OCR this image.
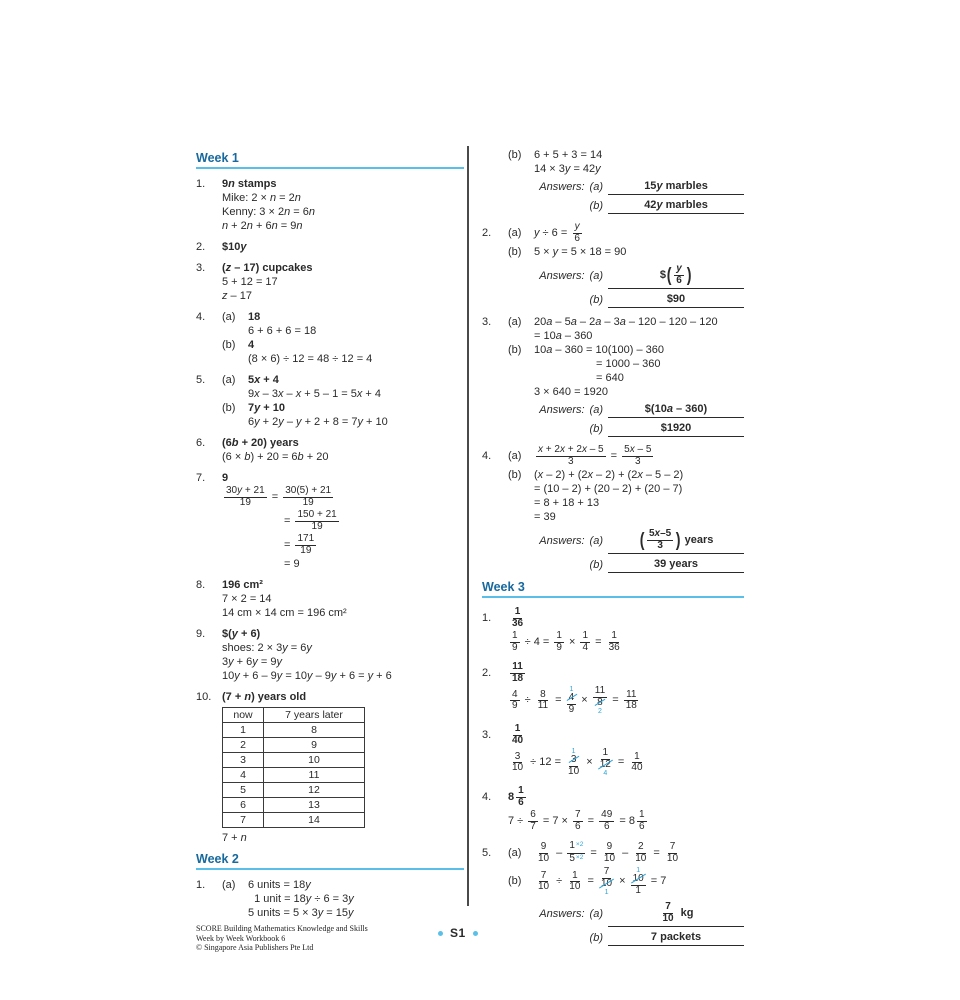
Week 1
1.	9n stamps
Mike: 2 × n = 2n
Kenny: 3 × 2n = 6n
n + 2n + 6n = 9n
2.	$10y
3.	(z – 17) cupcakes
5 + 12 = 17
z – 17
4.	(a)	18
6 + 6 + 6 = 18
(b)	4
(8 × 6) ÷ 12 = 48 ÷ 12 = 4
5.	(a)	5x + 4
9x – 3x – x + 5 – 1 = 5x + 4
(b)	7y + 10
6y + 2y – y + 2 + 8 = 7y + 10
6.	(6b + 20) years
(6 × b) + 20 = 6b + 20
7.	9
$\frac{30y + 21}{19} = \frac{30(5) + 21}{19}$
= $\frac{150 + 21}{19}$
= $\frac{171}{19}$
= 9
8.	196 cm²
7 × 2 = 14
14 cm × 14 cm = 196 cm²
9.	$(y + 6)
shoes: 2 × 3y = 6y
3y + 6y = 9y
10y + 6 – 9y = 10y – 9y + 6 = y + 6
10. (7 + n) years old
now	7 years later
1	8
2	9
3	10
4	11
5	12
6	13
7	14
7 + n
Week 2
1.	(a)	6 units = 18y
1 unit = 18y ÷ 6 = 3y
5 units = 5 × 3y = 15y
(b)	6 + 5 + 3 = 14
14 × 3y = 42y
Answers: (a)	15y marbles
(b)	42y marbles
2.	(a)	$y \div 6 = \frac{y}{6}$
(b)	5 × y = 5 × 18 = 90
Answers: (a)	$ ( $\frac{y}{6}$ )
(b)	$90
3.	(a)	20a – 5a – 2a – 3a – 120 – 120 – 120
= 10a – 360
(b)	10a – 360 = 10(100) – 360
= 1000 – 360
= 640
3 × 640 = 1920
Answers: (a)	$(10a – 360)
(b)	$1920
4.	(a)	$\frac{x + 2x + 2x - 5}{3} = \frac{5x - 5}{3}$
(b)	(x – 2) + (2x – 2) + (2x – 5 – 2)
= (10 – 2) + (20 – 2) + (20 – 7)
= 8 + 18 + 13
= 39
Answers: (a) ( $\frac{5x-5}{3}$ ) years
(b)	39 years
Week 3
1.	$\frac{1}{36}$
$\frac{1}{9} \div 4 = \frac{1}{9} \times \frac{1}{4} = \frac{1}{36}$
2.	$\frac{11}{18}$
$\frac{4}{9} \div \frac{8}{11}$ =
1
4
9
×
11
8
2
= $\frac{11}{18}$
3.	$\frac{1}{40}$
$\frac{3}{10} \div 12$ =
1
3
10
×
1
12
4
= $\frac{1}{40}$
4.	$8 \frac{1}{6}$
$7 \div \frac{6}{7} = 7 \times \frac{7}{6} = \frac{49}{6} = 8 \frac{1}{6}$
5.	(a)	$\frac{9}{10} - \frac{1^{\times 2}}{5^{\times 2}} = \frac{9}{10} - \frac{2}{10} = \frac{7}{10}$
(b)	$\frac{7}{10} \div \frac{1}{10}$ =
7
10
1
×
1
10
1
= 7
Answers: (a)	$\frac{7}{10}$ kg
(b)	7 packets
SCORE Building Mathematics Knowledge and Skills
Week by Week Workbook 6
© Singapore Asia Publishers Pte Ltd
S1
